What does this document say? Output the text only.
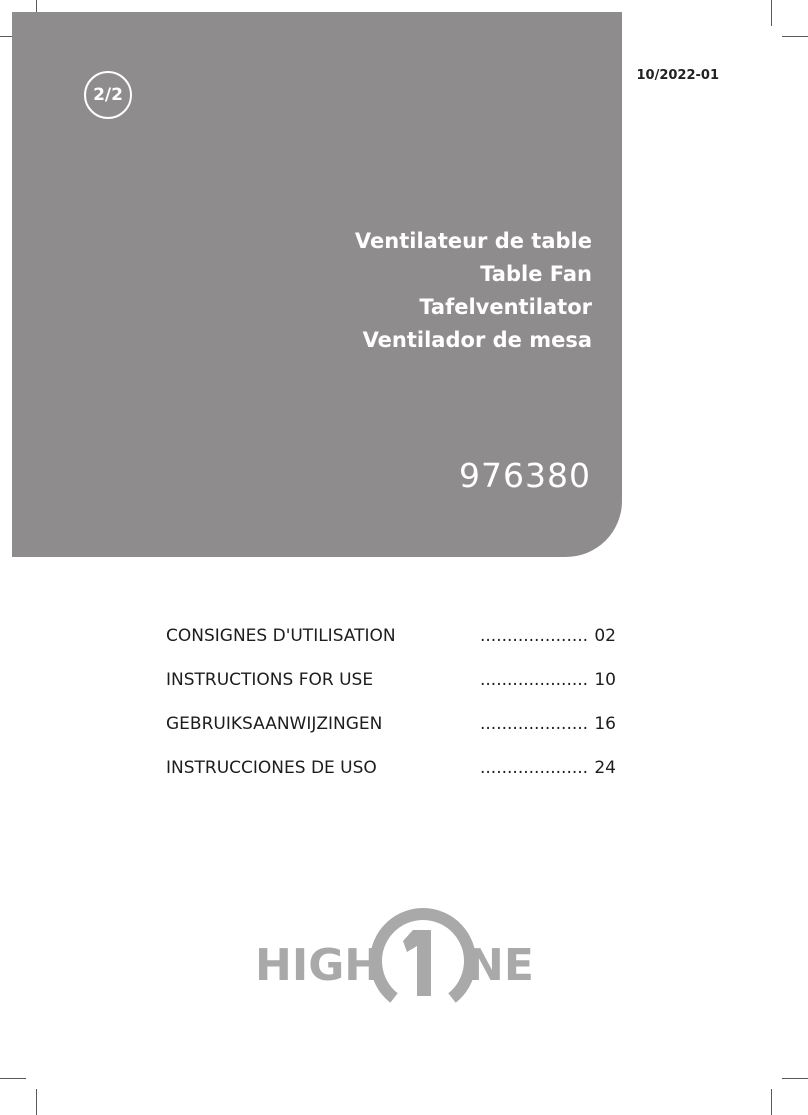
2/2
10/2022-01
Ventilateur de table
Table Fan
Tafelventilator
Ventilador de mesa
976380
CONSIGNES D'UTILISATION	.................... 02
INSTRUCTIONS FOR USE	.................... 10
GEBRUIKSAANWIJZINGEN	.................... 16
INSTRUCCIONES DE USO	.................... 24
HIGH NE
